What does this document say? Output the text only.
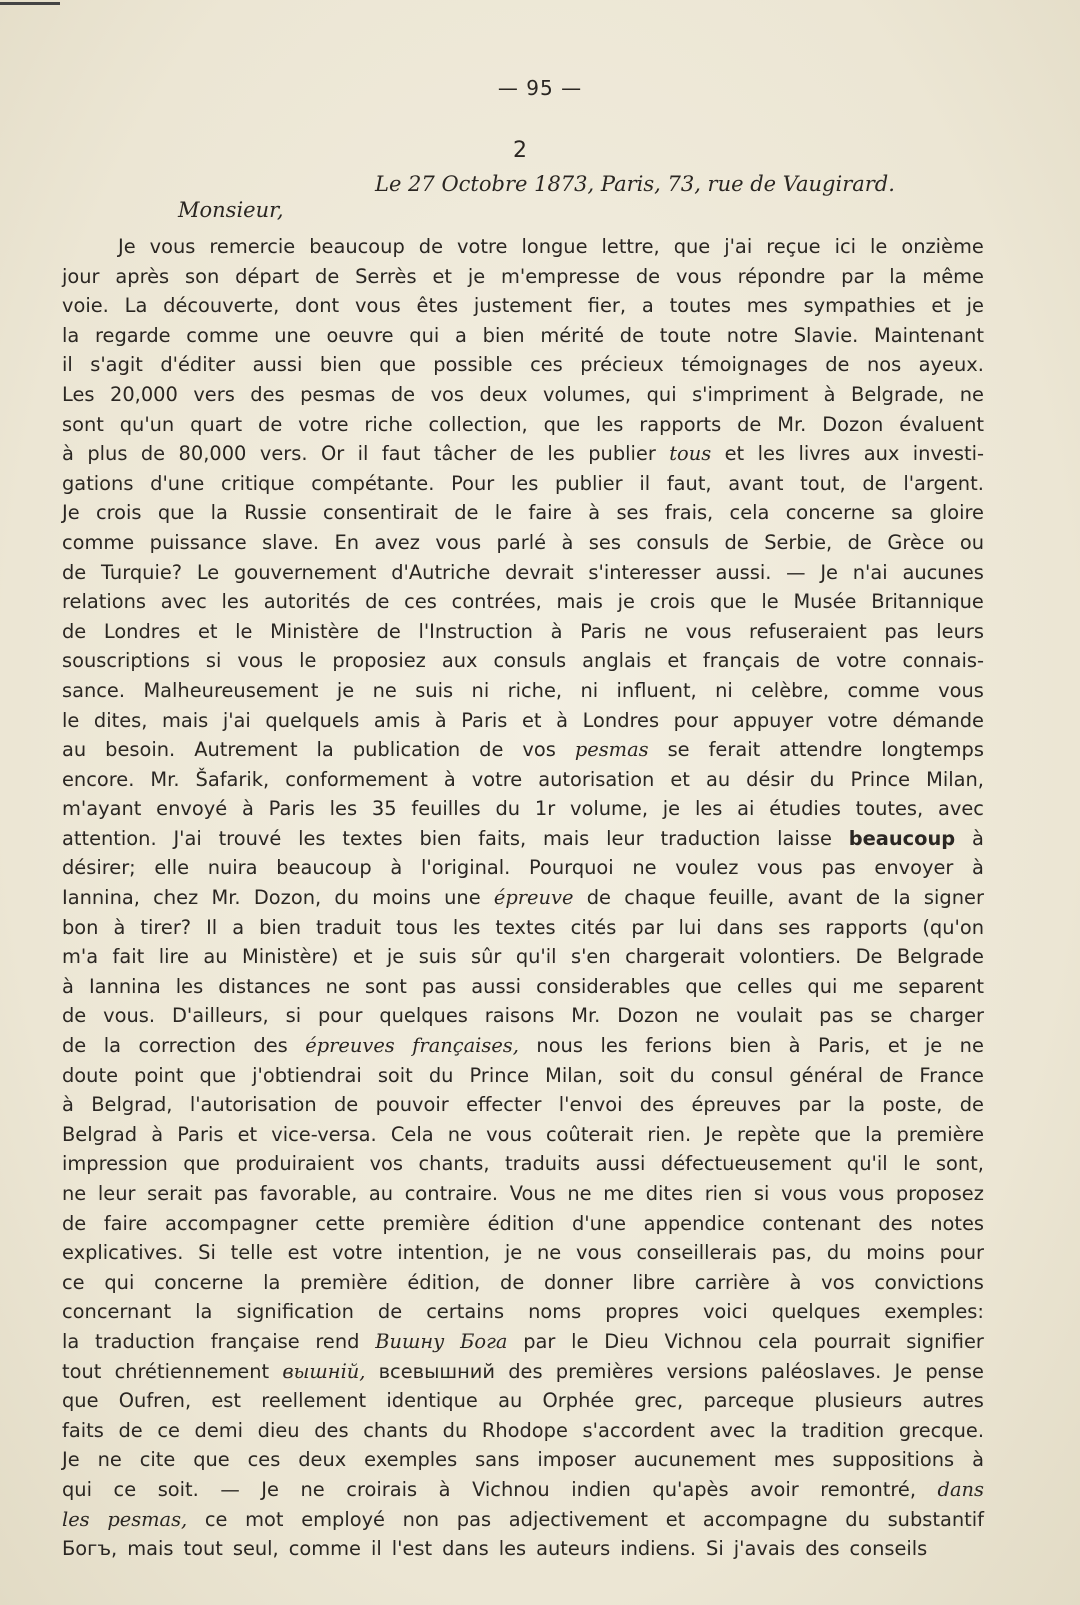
— 95 —
2
Le 27 Octobre 1873, Paris, 73, rue de Vaugirard.
Monsieur,
Je vous remercie beaucoup de votre longue lettre, que j'ai reçue ici le onzième
jour après son départ de Serrès et je m'empresse de vous répondre par la même
voie. La découverte, dont vous êtes justement fier, a toutes mes sympathies et je
la regarde comme une oeuvre qui a bien mérité de toute notre Slavie. Maintenant
il s'agit d'éditer aussi bien que possible ces précieux témoignages de nos ayeux.
Les 20,000 vers des pesmas de vos deux volumes, qui s'impriment à Belgrade, ne
sont qu'un quart de votre riche collection, que les rapports de Mr. Dozon évaluent
à plus de 80,000 vers. Or il faut tâcher de les publier tous et les livres aux investi-
gations d'une critique compétante. Pour les publier il faut, avant tout, de l'argent.
Je crois que la Russie consentirait de le faire à ses frais, cela concerne sa gloire
comme puissance slave. En avez vous parlé à ses consuls de Serbie, de Grèce ou
de Turquie? Le gouvernement d'Autriche devrait s'interesser aussi. — Je n'ai aucunes
relations avec les autorités de ces contrées, mais je crois que le Musée Britannique
de Londres et le Ministère de l'Instruction à Paris ne vous refuseraient pas leurs
souscriptions si vous le proposiez aux consuls anglais et français de votre connais-
sance. Malheureusement je ne suis ni riche, ni influent, ni celèbre, comme vous
le dites, mais j'ai quelquels amis à Paris et à Londres pour appuyer votre démande
au besoin. Autrement la publication de vos pesmas se ferait attendre longtemps
encore. Mr. Šafarik, conformement à votre autorisation et au désir du Prince Milan,
m'ayant envoyé à Paris les 35 feuilles du 1r volume, je les ai étudies toutes, avec
attention. J'ai trouvé les textes bien faits, mais leur traduction laisse beaucoup à
désirer; elle nuira beaucoup à l'original. Pourquoi ne voulez vous pas envoyer à
Iannina, chez Mr. Dozon, du moins une épreuve de chaque feuille, avant de la signer
bon à tirer? Il a bien traduit tous les textes cités par lui dans ses rapports (qu'on
m'a fait lire au Ministère) et je suis sûr qu'il s'en chargerait volontiers. De Belgrade
à Iannina les distances ne sont pas aussi considerables que celles qui me separent
de vous. D'ailleurs, si pour quelques raisons Mr. Dozon ne voulait pas se charger
de la correction des épreuves françaises, nous les ferions bien à Paris, et je ne
doute point que j'obtiendrai soit du Prince Milan, soit du consul général de France
à Belgrad, l'autorisation de pouvoir effecter l'envoi des épreuves par la poste, de
Belgrad à Paris et vice-versa. Cela ne vous coûterait rien. Je repète que la première
impression que produiraient vos chants, traduits aussi défectueusement qu'il le sont,
ne leur serait pas favorable, au contraire. Vous ne me dites rien si vous vous proposez
de faire accompagner cette première édition d'une appendice contenant des notes
explicatives. Si telle est votre intention, je ne vous conseillerais pas, du moins pour
ce qui concerne la première édition, de donner libre carrière à vos convictions
concernant la signification de certains noms propres voici quelques exemples:
la traduction française rend Вишну Бога par le Dieu Vichnou cela pourrait signifier
tout chrétiennement вышній, всевышний des premières versions paléoslaves. Je pense
que Oufren, est reellement identique au Orphée grec, parceque plusieurs autres
faits de ce demi dieu des chants du Rhodope s'accordent avec la tradition grecque.
Je ne cite que ces deux exemples sans imposer aucunement mes suppositions à
qui ce soit. — Je ne croirais à Vichnou indien qu'apès avoir remontré, dans
les pesmas, ce mot employé non pas adjectivement et accompagne du substantif
Богъ, mais tout seul, comme il l'est dans les auteurs indiens. Si j'avais des conseils
